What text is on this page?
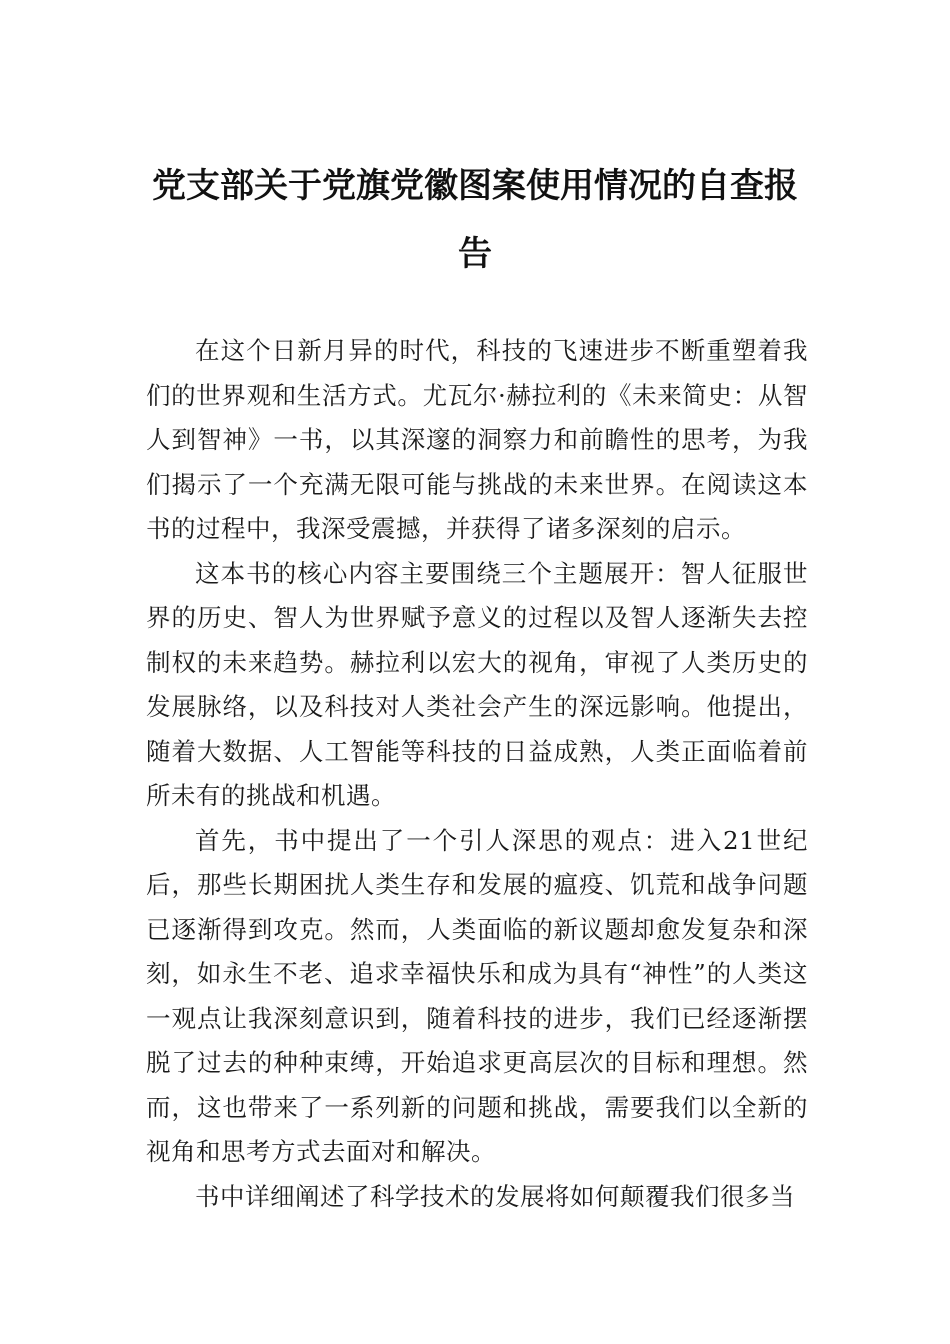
党支部关于党旗党徽图案使用情况的自查报告

在这个日新月异的时代，科技的飞速进步不断重塑着我们的世界观和生活方式。尤瓦尔·赫拉利的《未来简史：从智人到智神》一书，以其深邃的洞察力和前瞻性的思考，为我们揭示了一个充满无限可能与挑战的未来世界。在阅读这本书的过程中，我深受震撼，并获得了诸多深刻的启示。

这本书的核心内容主要围绕三个主题展开：智人征服世界的历史、智人为世界赋予意义的过程以及智人逐渐失去控制权的未来趋势。赫拉利以宏大的视角，审视了人类历史的发展脉络，以及科技对人类社会产生的深远影响。他提出，随着大数据、人工智能等科技的日益成熟，人类正面临着前所未有的挑战和机遇。

首先，书中提出了一个引人深思的观点：进入21世纪后，那些长期困扰人类生存和发展的瘟疫、饥荒和战争问题已逐渐得到攻克。然而，人类面临的新议题却愈发复杂和深刻，如永生不老、追求幸福快乐和成为具有“神性”的人类这一观点让我深刻意识到，随着科技的进步，我们已经逐渐摆脱了过去的种种束缚，开始追求更高层次的目标和理想。然而，这也带来了一系列新的问题和挑战，需要我们以全新的视角和思考方式去面对和解决。

书中详细阐述了科学技术的发展将如何颠覆我们很多当
